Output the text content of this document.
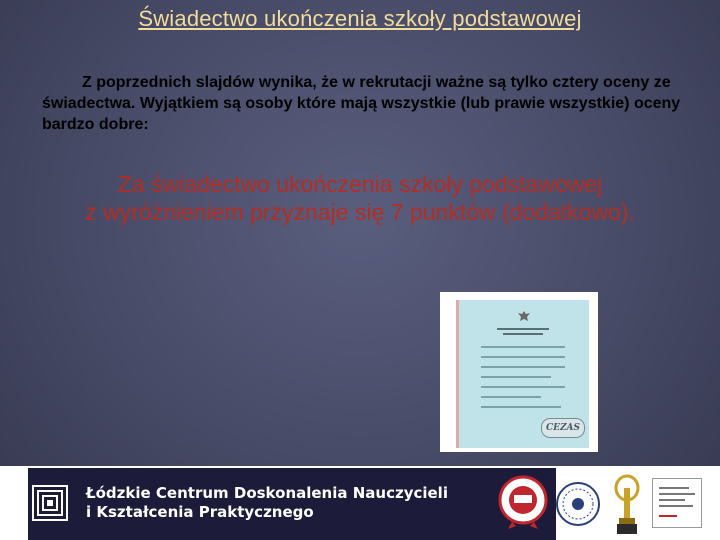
Świadectwo ukończenia szkoły podstawowej
Z poprzednich slajdów wynika, że w rekrutacji ważne są tylko cztery oceny ze świadectwa. Wyjątkiem są osoby które mają wszystkie (lub prawie wszystkie) oceny bardzo dobre:
Za świadectwo ukończenia szkoły podstawowej
z wyróżnieniem przyznaje się 7 punktów (dodatkowo).
CEZAS
Łódzkie Centrum Doskonalenia Nauczycieli
i Kształcenia Praktycznego
